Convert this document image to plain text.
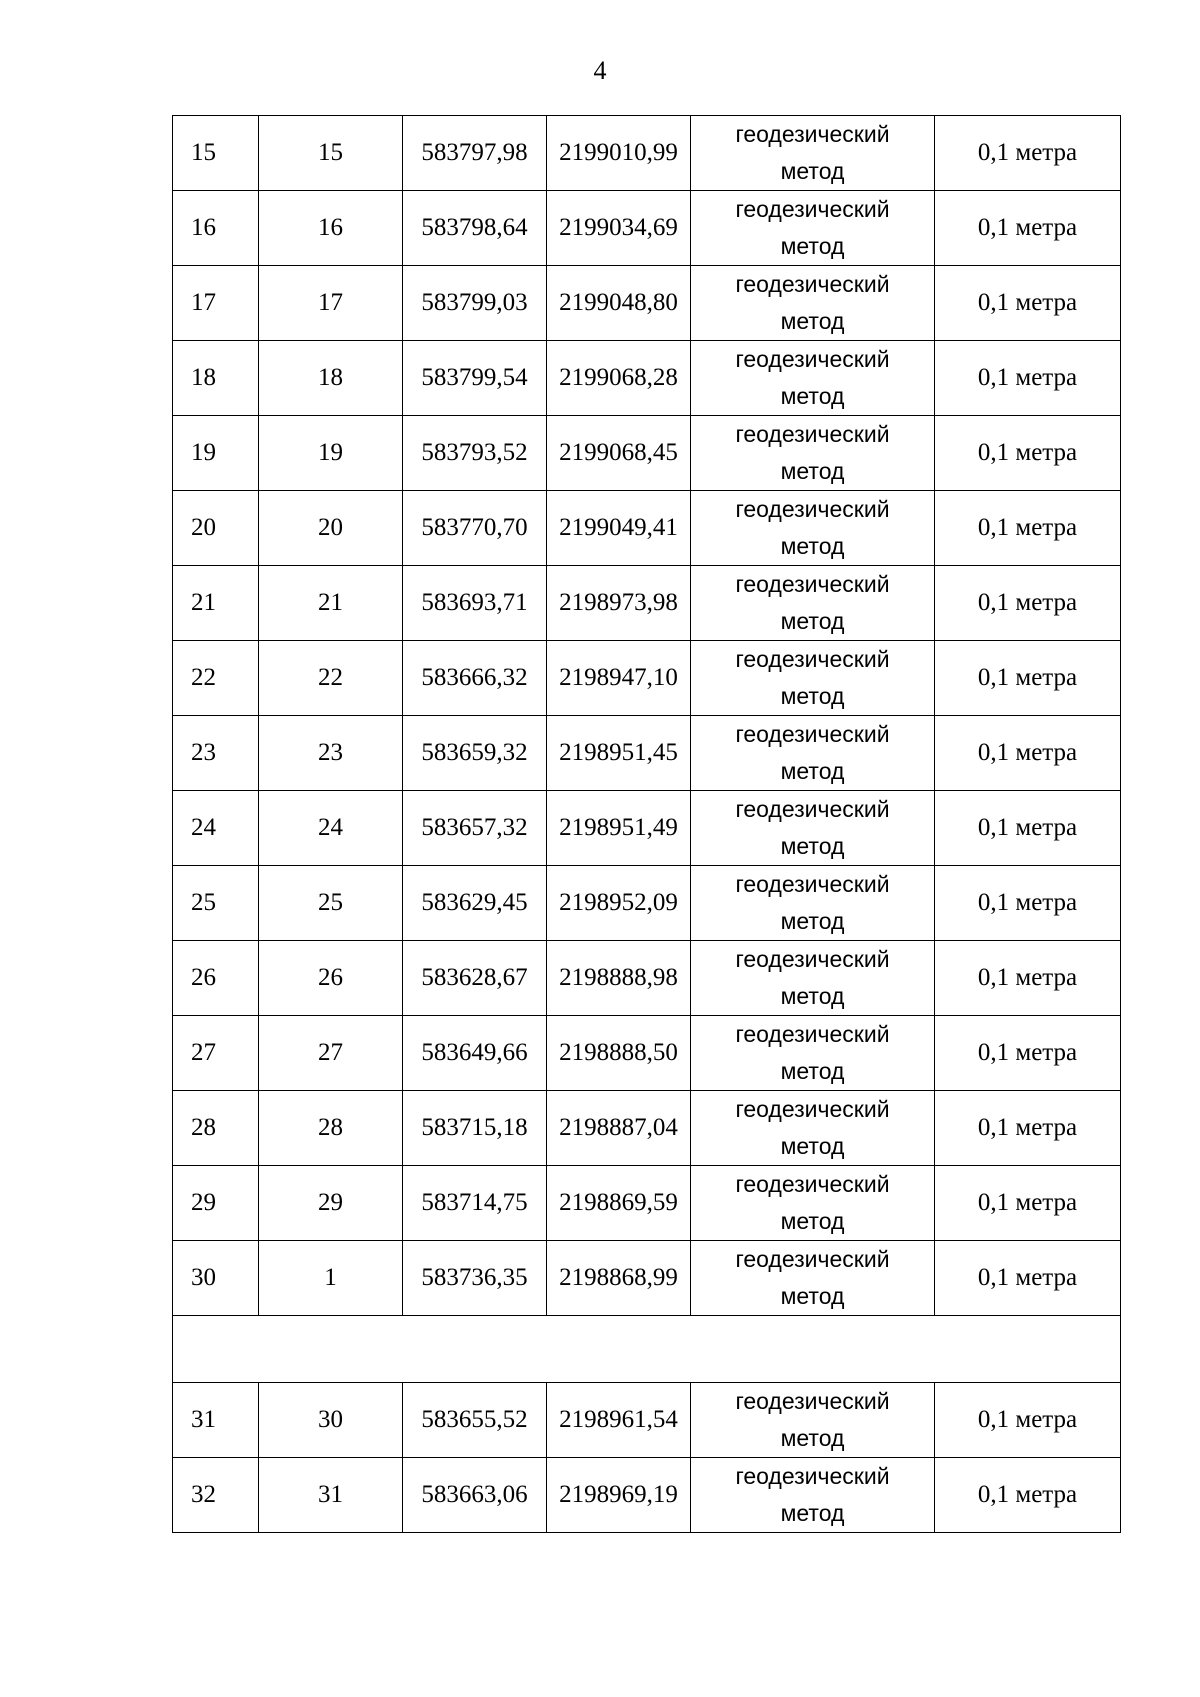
4
15	15	583797,98	2199010,99	геодезический
метод	0,1 метра
16	16	583798,64	2199034,69	геодезический
метод	0,1 метра
17	17	583799,03	2199048,80	геодезический
метод	0,1 метра
18	18	583799,54	2199068,28	геодезический
метод	0,1 метра
19	19	583793,52	2199068,45	геодезический
метод	0,1 метра
20	20	583770,70	2199049,41	геодезический
метод	0,1 метра
21	21	583693,71	2198973,98	геодезический
метод	0,1 метра
22	22	583666,32	2198947,10	геодезический
метод	0,1 метра
23	23	583659,32	2198951,45	геодезический
метод	0,1 метра
24	24	583657,32	2198951,49	геодезический
метод	0,1 метра
25	25	583629,45	2198952,09	геодезический
метод	0,1 метра
26	26	583628,67	2198888,98	геодезический
метод	0,1 метра
27	27	583649,66	2198888,50	геодезический
метод	0,1 метра
28	28	583715,18	2198887,04	геодезический
метод	0,1 метра
29	29	583714,75	2198869,59	геодезический
метод	0,1 метра
30	1	583736,35	2198868,99	геодезический
метод	0,1 метра

31	30	583655,52	2198961,54	геодезический
метод	0,1 метра
32	31	583663,06	2198969,19	геодезический
метод	0,1 метра
